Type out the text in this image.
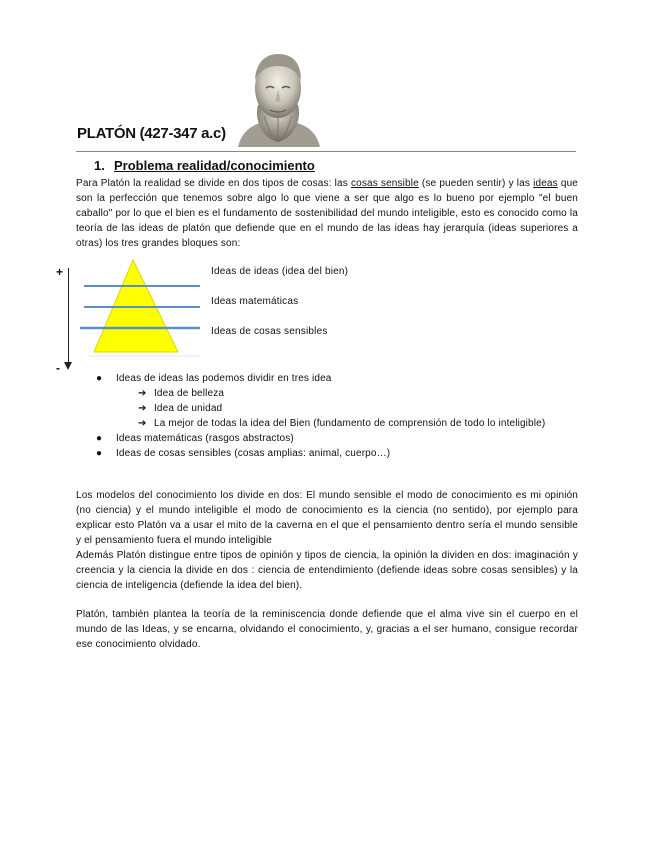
PLATÓN (427-347 a.c)
1. Problema realidad/conocimiento

Para Platón la realidad se divide en dos tipos de cosas: las cosas sensible (se pueden sentir) y las ideas que son la perfección que tenemos sobre algo lo que viene a ser que algo es lo bueno por ejemplo "el buen caballo" por lo que el bien es el fundamento de sostenibilidad del mundo inteligible, esto es conocido como la teoría de las ideas de platón que defiende que en el mundo de las ideas hay jerarquía (ideas superiores a otras) los tres grandes bloques son:

+
-
Ideas de ideas (idea del bien)
Ideas matemáticas
Ideas de cosas sensibles
● Ideas de ideas las podemos dividir en tres idea
➔ Idea de belleza
➔ Idea de unidad
➔ La mejor de todas la idea del Bien (fundamento de comprensión de todo lo inteligible)
● Ideas matemáticas (rasgos abstractos)
● Ideas de cosas sensibles (cosas amplias: animal, cuerpo…)

Los modelos del conocimiento los divide en dos: El mundo sensible el modo de conocimiento es mi opinión (no ciencia) y el mundo inteligible el modo de conocimiento es la ciencia (no sentido), por ejemplo para explicar esto Platón va a usar el mito de la caverna en el que el pensamiento dentro sería el mundo sensible y el pensamiento fuera el mundo inteligible

Además Platón distingue entre tipos de opinión y tipos de ciencia, la opinión la dividen en dos: imaginación y creencia y la ciencia la divide en dos : ciencia de entendimiento (defiende ideas sobre cosas sensibles) y la ciencia de inteligencia (defiende la idea del bien).

Platón, también plantea la teoría de la reminiscencia donde defiende que el alma vive sin el cuerpo en el mundo de las Ideas, y se encarna, olvidando el conocimiento, y, gracias a el ser humano, consigue recordar ese conocimiento olvidado.
